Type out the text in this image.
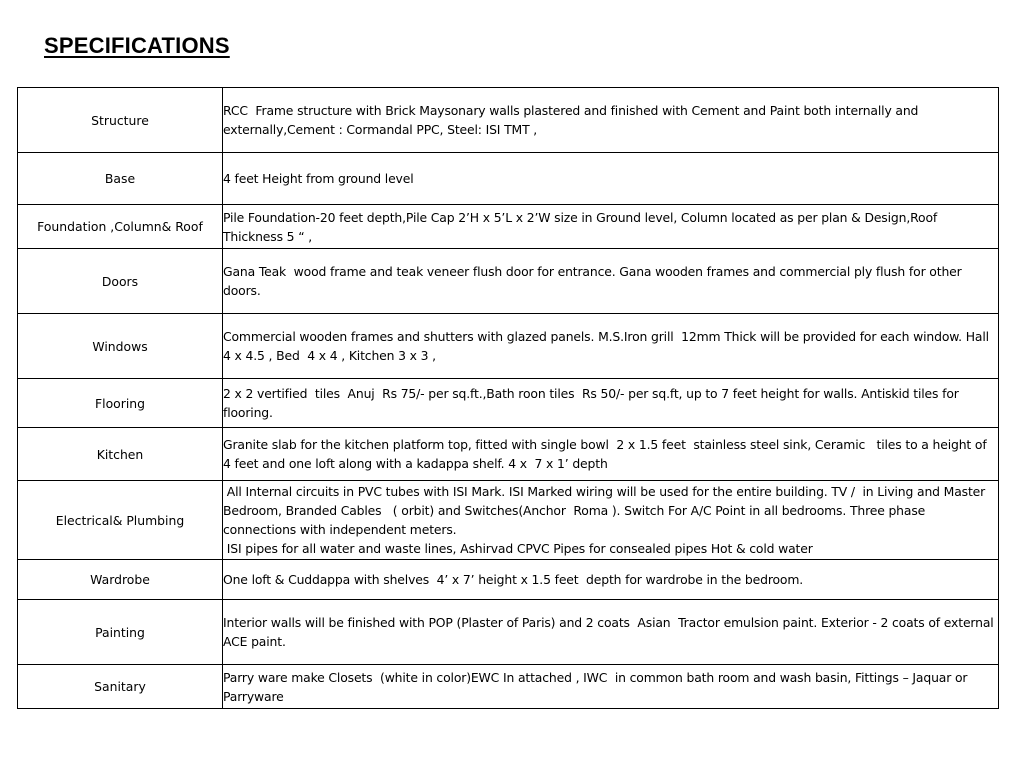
SPECIFICATIONS
Structure	RCC  Frame structure with Brick Maysonary walls plastered and finished with Cement and Paint both internally and externally,Cement : Cormandal PPC, Steel: ISI TMT ,

Base	4 feet Height from ground level

Foundation ,Column& Roof	Pile Foundation-20 feet depth,Pile Cap 2’H x 5’L x 2’W size in Ground level, Column located as per plan & Design,Roof Thickness 5 “ ,

Doors	Gana Teak  wood frame and teak veneer flush door for entrance. Gana wooden frames and commercial ply flush for other doors.

Windows	Commercial wooden frames and shutters with glazed panels. M.S.Iron grill  12mm Thick will be provided for each window. Hall 4 x 4.5 , Bed  4 x 4 , Kitchen 3 x 3 ,

Flooring	2 x 2 vertified  tiles  Anuj  Rs 75/- per sq.ft.,Bath roon tiles  Rs 50/- per sq.ft, up to 7 feet height for walls. Antiskid tiles for flooring.

Kitchen	Granite slab for the kitchen platform top, fitted with single bowl  2 x 1.5 feet  stainless steel sink, Ceramic   tiles to a height of 4 feet and one loft along with a kadappa shelf. 4 x  7 x 1’ depth

Electrical& Plumbing	All Internal circuits in PVC tubes with ISI Mark. ISI Marked wiring will be used for the entire building. TV /  in Living and Master Bedroom, Branded Cables   ( orbit) and Switches(Anchor  Roma ). Switch For A/C Point in all bedrooms. Three phase connections with independent meters.
ISI pipes for all water and waste lines, Ashirvad CPVC Pipes for consealed pipes Hot & cold water

Wardrobe	One loft & Cuddappa with shelves  4’ x 7’ height x 1.5 feet  depth for wardrobe in the bedroom.

Painting	Interior walls will be finished with POP (Plaster of Paris) and 2 coats  Asian  Tractor emulsion paint. Exterior - 2 coats of external ACE paint.

Sanitary	Parry ware make Closets  (white in color)EWC In attached , IWC  in common bath room and wash basin, Fittings – Jaquar or Parryware
